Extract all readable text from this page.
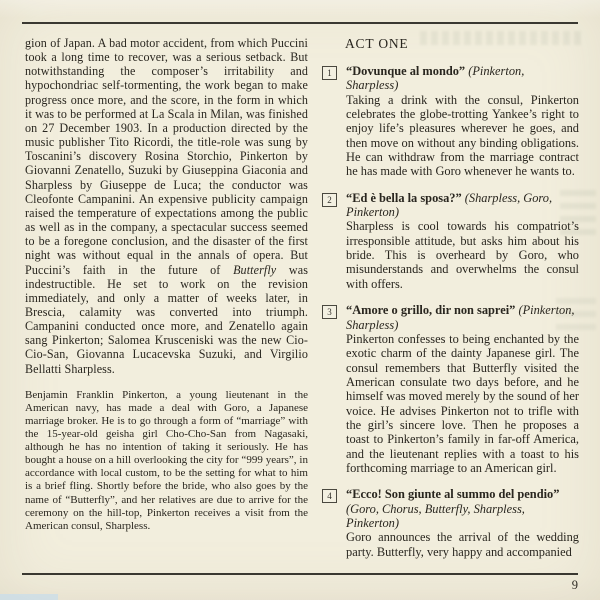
gion of Japan. A bad motor accident, from which Puccini took a long time to recover, was a serious setback. But notwithstanding the composer’s irritability and hypochondriac self-tormenting, the work began to make progress once more, and the score, in the form in which it was to be performed at La Scala in Milan, was finished on 27 December 1903. In a production directed by the music publisher Tito Ricordi, the title-role was sung by Toscanini’s discovery Rosina Storchio, Pinkerton by Giovanni Zenatello, Suzuki by Giuseppina Giaconia and Sharpless by Giuseppe de Luca; the conductor was Cleofonte Campanini. An expensive publicity campaign raised the temperature of expectations among the public as well as in the company, a spectacular success seemed to be a foregone conclusion, and the disaster of the first night was without equal in the annals of opera. But Puccini’s faith in the future of Butterfly was indestructible. He set to work on the revision immediately, and only a matter of weeks later, in Brescia, calamity was converted into triumph. Campanini conducted once more, and Zenatello again sang Pinkerton; Salomea Krusceniski was the new Cio-Cio-San, Giovanna Lucacevska Suzuki, and Virgilio Bellatti Sharpless.
Benjamin Franklin Pinkerton, a young lieutenant in the American navy, has made a deal with Goro, a Japanese marriage broker. He is to go through a form of “marriage” with the 15-year-old geisha girl Cho-Cho-San from Nagasaki, although he has no intention of taking it seriously. He has bought a house on a hill overlooking the city for “999 years”, in accordance with local custom, to be the setting for what to him is a brief fling. Shortly before the bride, who also goes by the name of “Butterfly”, and her relatives are due to arrive for the ceremony on the hill-top, Pinkerton receives a visit from the American consul, Sharpless.
ACT ONE
1	“Dovunque al mondo” (Pinkerton, Sharpless)
Taking a drink with the consul, Pinkerton celebrates the globe-trotting Yankee’s right to enjoy life’s pleasures wherever he goes, and then move on without any binding obligations. He can withdraw from the marriage contract he has made with Goro whenever he wants to.
2	“Ed è bella la sposa?” (Sharpless, Goro, Pinkerton)
Sharpless is cool towards his compatriot’s irresponsible attitude, but asks him about his bride. This is overheard by Goro, who misunderstands and overwhelms the consul with offers.
3	“Amore o grillo, dir non saprei” (Pinkerton, Sharpless)
Pinkerton confesses to being enchanted by the exotic charm of the dainty Japanese girl. The consul remembers that Butterfly visited the American consulate two days before, and he himself was moved merely by the sound of her voice. He advises Pinkerton not to trifle with the girl’s sincere love. Then he proposes a toast to Pinkerton’s family in far-off America, and the lieutenant replies with a toast to his forthcoming marriage to an American girl.
4	“Ecco! Son giunte al summo del pendio” (Goro, Chorus, Butterfly, Sharpless, Pinkerton)
Goro announces the arrival of the wedding party. Butterfly, very happy and accompanied
9
